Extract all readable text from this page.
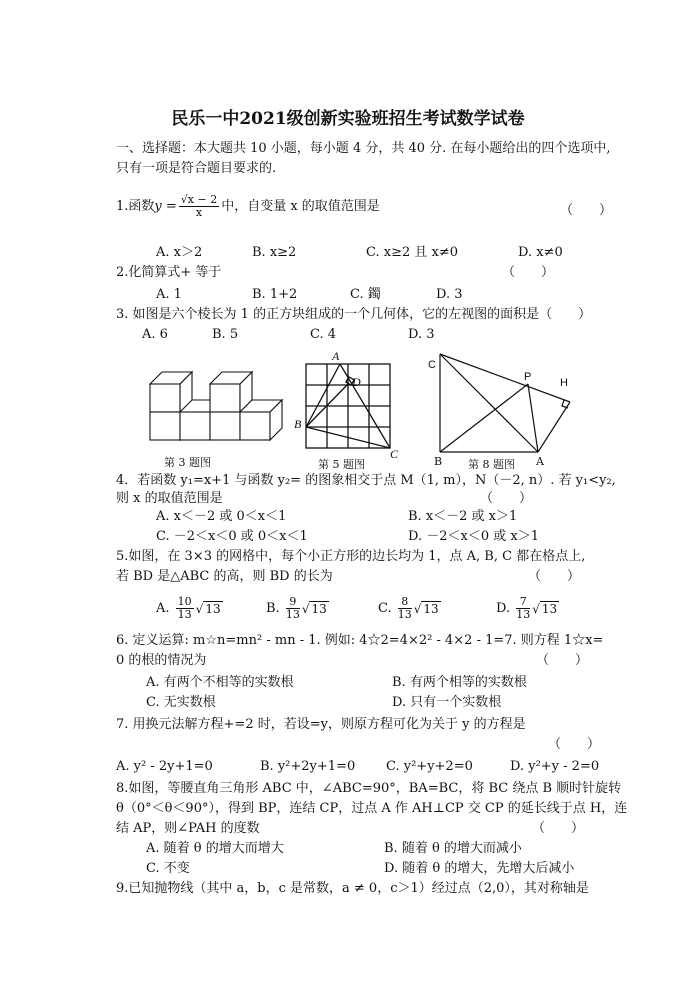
民乐一中2021级创新实验班招生考试数学试卷
一、选择题：本大题共 10 小题，每小题 4 分，共 40 分. 在每小题给出的四个选项中,
只有一项是符合题目要求的.
1.函数$y = \frac{√x - 2}{x}$ 中，自变量 x 的取值范围是	（　　）
A. x＞2	B. x≥2	C. x≥2 且 x≠0	D. x≠0
2.化简算式+ 等于	（　　）
A. 1	B. 1+2	C. 鐲	D. 3
3. 如图是六个棱长为 1 的正方块组成的一个几何体，它的左视图的面积是（　　）
A. 6	B. 5	C. 4	D. 3
第 3 题图
A
D
B
C
第 5 题图
C
P	H
B 第 8 题图 A
4．若函数 y₁=x+1 与函数 y₂= 的图象相交于点 M（1, m），N（－2, n）. 若 y₁<y₂,
则 x 的取值范围是	（　　）
A. x＜－2 或 0＜x＜1	B. x＜－2 或 x＞1
C. －2＜x＜0 或 0＜x＜1	D. －2＜x＜0 或 x＞1
5.如图，在 3×3 的网格中，每个小正方形的边长均为 1，点 A, B, C 都在格点上,
若 BD 是△ABC 的高，则 BD 的长为	（　　）
A. $\frac{10}{13}$ √ 13	B. $\frac{9}{13}$ √ 13	C. $\frac{8}{13}$ √ 13	D. $\frac{7}{13}$ √ 13
6. 定义运算: m☆n=mn² - mn - 1. 例如: 4☆2=4×2² - 4×2 - 1=7. 则方程 1☆x=
0 的根的情况为	（　　）
A. 有两个不相等的实数根	B. 有两个相等的实数根
C. 无实数根	D. 只有一个实数根
7. 用换元法解方程+=2 时，若设=y，则原方程可化为关于 y 的方程是
（　　）
A. y² - 2y+1=0	B. y²+2y+1=0 C. y²+y+2=0	D. y²+y - 2=0
8.如图，等腰直角三角形 ABC 中，∠ABC=90°，BA=BC，将 BC 绕点 B 顺时针旋转
θ（0°＜θ＜90°），得到 BP，连结 CP，过点 A 作 AH⊥CP 交 CP 的延长线于点 H，连
结 AP，则∠PAH 的度数	（　　）
A. 随着 θ 的增大而增大	B. 随着 θ 的增大而减小
C. 不变	D. 随着 θ 的增大，先增大后减小
9.已知抛物线（其中 a，b，c 是常数，a ≠ 0，c＞1）经过点（2,0），其对称轴是
